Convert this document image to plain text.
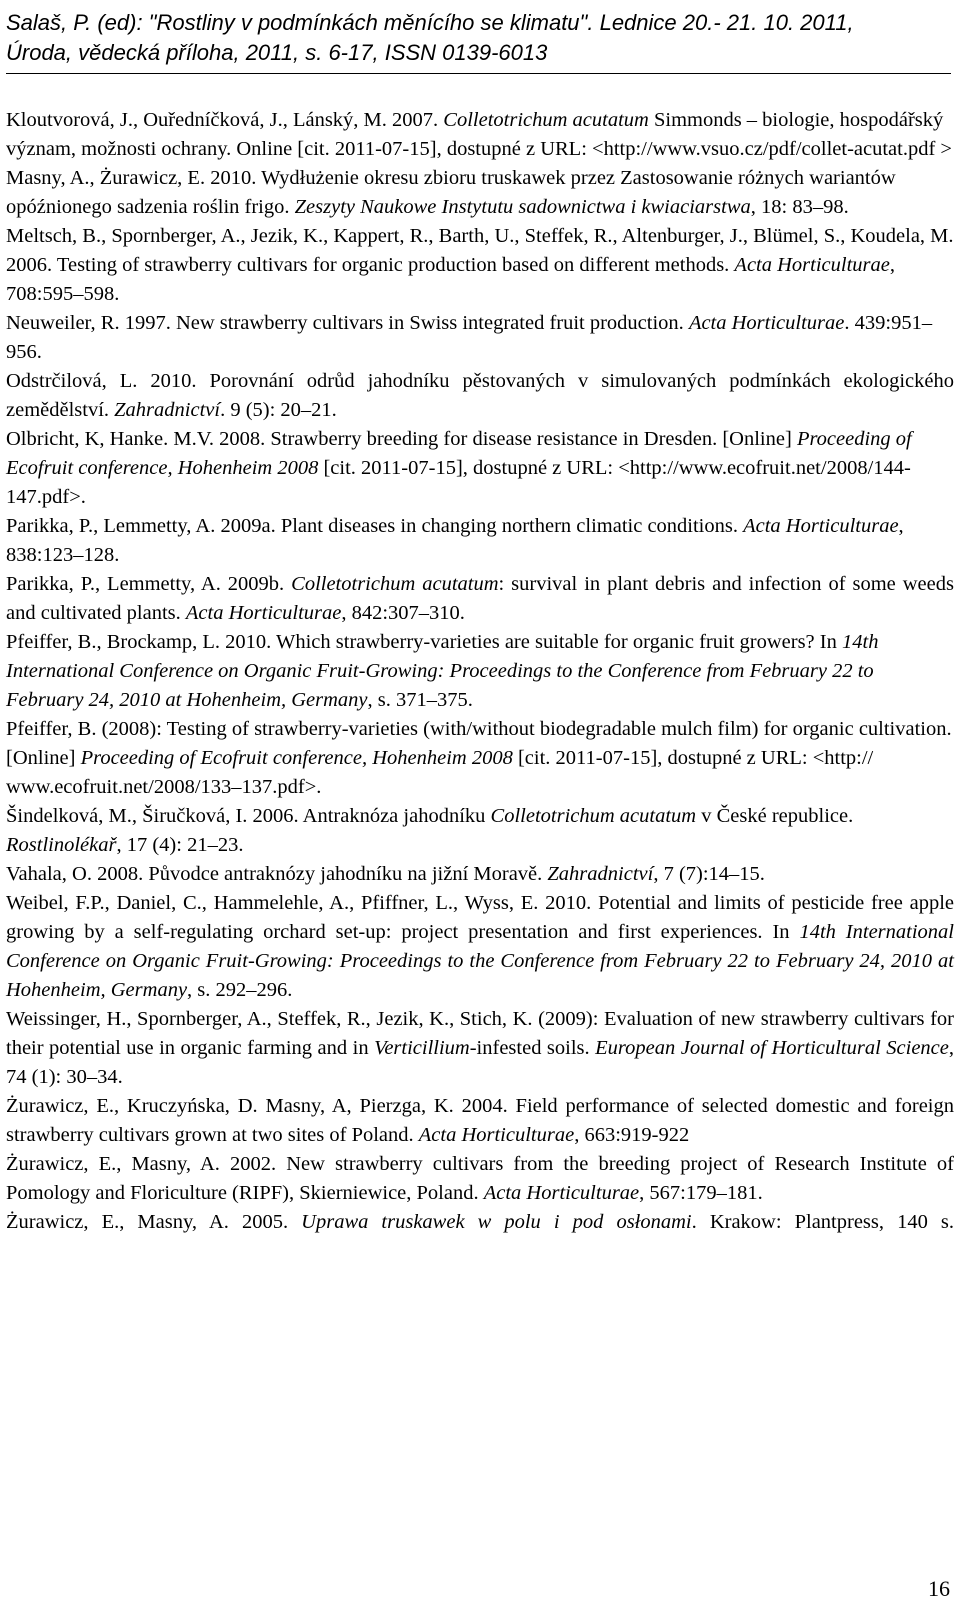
Salaš, P. (ed): "Rostliny v podmínkách měnícího se klimatu". Lednice 20.- 21. 10. 2011,
Úroda, vědecká příloha, 2011, s. 6-17, ISSN 0139-6013

Kloutvorová, J., Ouředníčková, J., Lánský, M. 2007. Colletotrichum acutatum Simmonds – biologie, hospodářský význam, možnosti ochrany. Online [cit. 2011-07-15], dostupné z URL: <http://www.vsuo.cz/pdf/collet-acutat.pdf >

Masny, A., Żurawicz, E. 2010. Wydłużenie okresu zbioru truskawek przez Zastosowanie różnych wariantów opóźnionego sadzenia roślin frigo. Zeszyty Naukowe Instytutu sadownictwa i kwiaciarstwa, 18: 83–98.

Meltsch, B., Spornberger, A., Jezik, K., Kappert, R., Barth, U., Steffek, R., Altenburger, J., Blümel, S., Koudela, M. 2006. Testing of strawberry cultivars for organic production based on different methods. Acta Horticulturae, 708:595–598.

Neuweiler, R. 1997. New strawberry cultivars in Swiss integrated fruit production. Acta Horticulturae. 439:951–956.

Odstrčilová, L. 2010. Porovnání odrůd jahodníku pěstovaných v simulovaných podmínkách ekologického zemědělství. Zahradnictví. 9 (5): 20–21.

Olbricht, K, Hanke. M.V. 2008. Strawberry breeding for disease resistance in Dresden. [Online] Proceeding of Ecofruit conference, Hohenheim 2008 [cit. 2011-07-15], dostupné z URL: <http://www.ecofruit.net/2008/144-147.pdf>.

Parikka, P., Lemmetty, A. 2009a. Plant diseases in changing northern climatic conditions. Acta Horticulturae, 838:123–128.

Parikka, P., Lemmetty, A. 2009b. Colletotrichum acutatum: survival in plant debris and infection of some weeds and cultivated plants. Acta Horticulturae, 842:307–310.

Pfeiffer, B., Brockamp, L. 2010. Which strawberry-varieties are suitable for organic fruit growers? In 14th International Conference on Organic Fruit-Growing: Proceedings to the Conference from February 22 to February 24, 2010 at Hohenheim, Germany, s. 371–375.

Pfeiffer, B. (2008): Testing of strawberry-varieties (with/without biodegradable mulch film) for organic cultivation. [Online] Proceeding of Ecofruit conference, Hohenheim 2008 [cit. 2011-07-15], dostupné z URL: <http:// www.ecofruit.net/2008/133–137.pdf>.

Šindelková, M., Širučková, I. 2006. Antraknóza jahodníku Colletotrichum acutatum v České republice. Rostlinolékař, 17 (4): 21–23.

Vahala, O. 2008. Původce antraknózy jahodníku na jižní Moravě. Zahradnictví, 7 (7):14–15.

Weibel, F.P., Daniel, C., Hammelehle, A., Pfiffner, L., Wyss, E. 2010. Potential and limits of pesticide free apple growing by a self-regulating orchard set-up: project presentation and first experiences. In 14th International Conference on Organic Fruit-Growing: Proceedings to the Conference from February 22 to February 24, 2010 at Hohenheim, Germany, s. 292–296.

Weissinger, H., Spornberger, A., Steffek, R., Jezik, K., Stich, K. (2009): Evaluation of new strawberry cultivars for their potential use in organic farming and in Verticillium-infested soils. European Journal of Horticultural Science, 74 (1): 30–34.

Żurawicz, E., Kruczyńska, D. Masny, A, Pierzga, K. 2004. Field performance of selected domestic and foreign strawberry cultivars grown at two sites of Poland. Acta Horticulturae, 663:919-922

Żurawicz, E., Masny, A. 2002. New strawberry cultivars from the breeding project of Research Institute of Pomology and Floriculture (RIPF), Skierniewice, Poland. Acta Horticulturae, 567:179–181.

Żurawicz, E., Masny, A. 2005. Uprawa truskawek w polu i pod osłonami. Krakow: Plantpress, 140 s.

16
